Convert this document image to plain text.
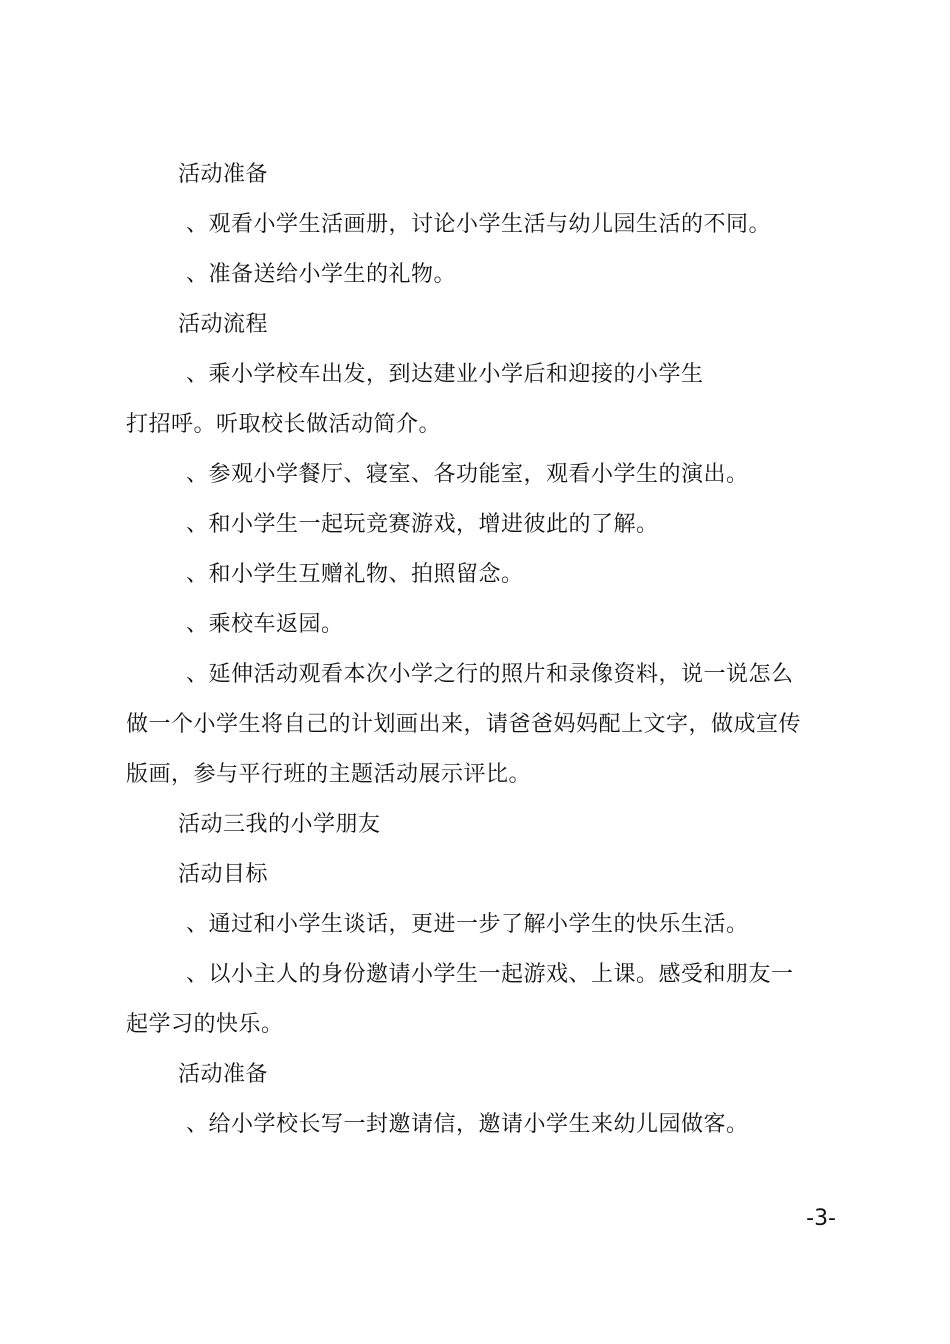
活动准备
、观看小学生活画册，讨论小学生活与幼儿园生活的不同。
、准备送给小学生的礼物。
活动流程
、乘小学校车出发，到达建业小学后和迎接的小学生
打招呼。听取校长做活动简介。
、参观小学餐厅、寝室、各功能室，观看小学生的演出。
、和小学生一起玩竞赛游戏，增进彼此的了解。
、和小学生互赠礼物、拍照留念。
、乘校车返园。
、延伸活动观看本次小学之行的照片和录像资料，说一说怎么
做一个小学生将自己的计划画出来，请爸爸妈妈配上文字，做成宣传
版画，参与平行班的主题活动展示评比。
活动三我的小学朋友
活动目标
、通过和小学生谈话，更进一步了解小学生的快乐生活。
、以小主人的身份邀请小学生一起游戏、上课。感受和朋友一
起学习的快乐。
活动准备
、给小学校长写一封邀请信，邀请小学生来幼儿园做客。
-3-
